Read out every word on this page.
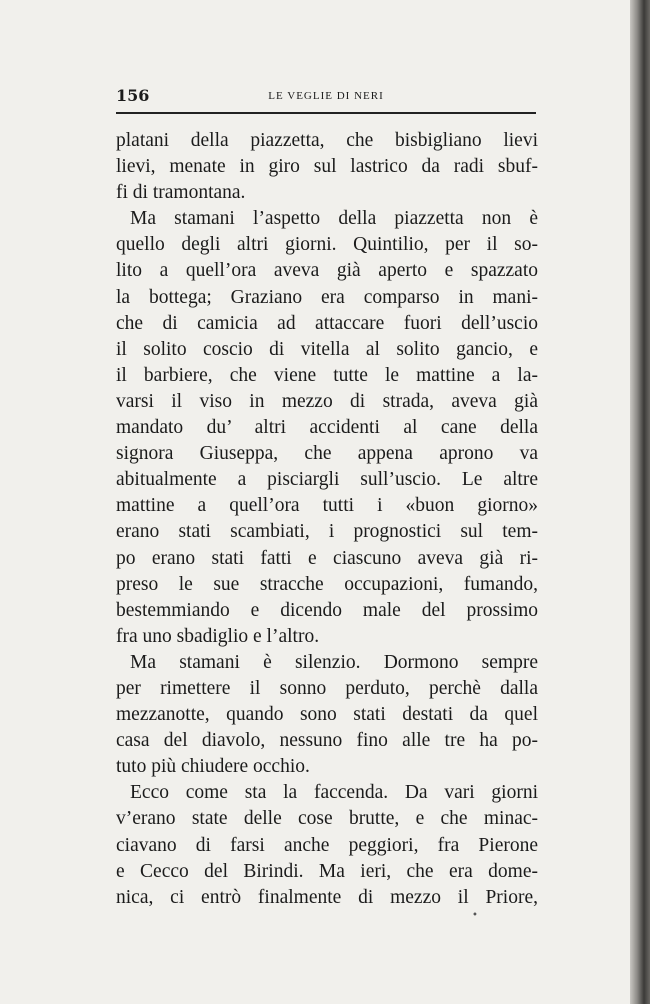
156	LE VEGLIE DI NERI
platani della piazzetta, che bisbigliano lievi
lievi, menate in giro sul lastrico da radi sbuf-
fi di tramontana.
Ma stamani l’aspetto della piazzetta non è
quello degli altri giorni. Quintilio, per il so-
lito a quell’ora aveva già aperto e spazzato
la bottega; Graziano era comparso in mani-
che di camicia ad attaccare fuori dell’uscio
il solito coscio di vitella al solito gancio, e
il barbiere, che viene tutte le mattine a la-
varsi il viso in mezzo di strada, aveva già
mandato du’ altri accidenti al cane della
signora Giuseppa, che appena aprono va
abitualmente a pisciargli sull’uscio. Le altre
mattine a quell’ora tutti i «buon giorno»
erano stati scambiati, i prognostici sul tem-
po erano stati fatti e ciascuno aveva già ri-
preso le sue stracche occupazioni, fumando,
bestemmiando e dicendo male del prossimo
fra uno sbadiglio e l’altro.
Ma stamani è silenzio. Dormono sempre
per rimettere il sonno perduto, perchè dalla
mezzanotte, quando sono stati destati da quel
casa del diavolo, nessuno fino alle tre ha po-
tuto più chiudere occhio.
Ecco come sta la faccenda. Da vari giorni
v’erano state delle cose brutte, e che minac-
ciavano di farsi anche peggiori, fra Pierone
e Cecco del Birindi. Ma ieri, che era dome-
nica, ci entrò finalmente di mezzo il Priore,
•
